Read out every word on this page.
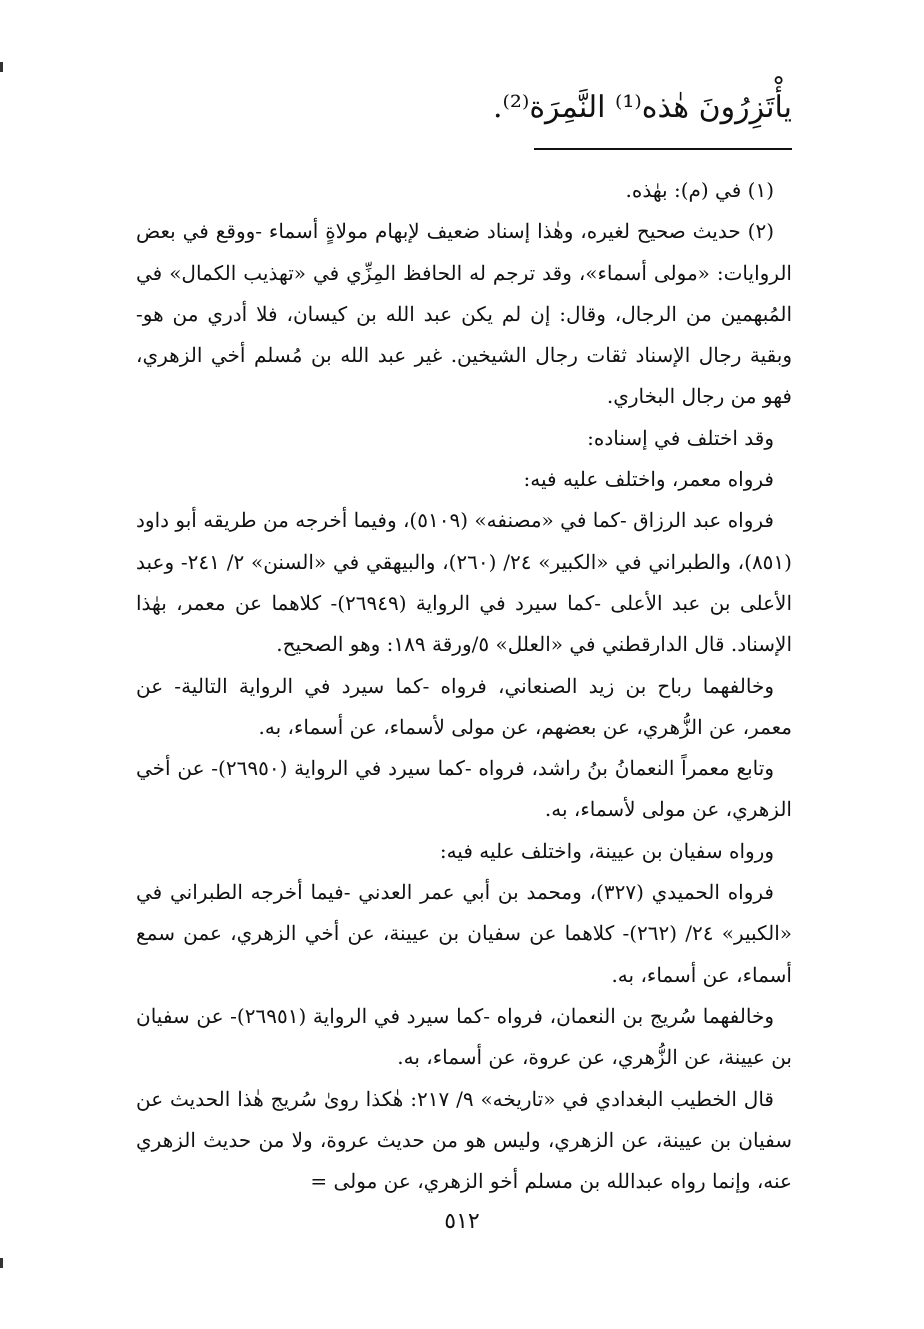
يأْتَزِرُونَ هٰذه⁽¹⁾ النَّمِرَة⁽²⁾.

(١) في (م): بهٰذه.

(٢) حديث صحيح لغيره، وهٰذا إسناد ضعيف لإبهام مولاةٍ أسماء -ووقع في بعض الروايات: «مولى أسماء»، وقد ترجم له الحافظ المِزِّي في «تهذيب الكمال» في المُبهمين من الرجال، وقال: إن لم يكن عبد الله بن كيسان، فلا أدري من هو- وبقية رجال الإسناد ثقات رجال الشيخين. غير عبد الله بن مُسلم أخي الزهري، فهو من رجال البخاري.

وقد اختلف في إسناده:

فرواه معمر، واختلف عليه فيه:

فرواه عبد الرزاق -كما في «مصنفه» (٥١٠٩)، وفيما أخرجه من طريقه أبو داود (٨٥١)، والطبراني في «الكبير» ٢٤/ (٢٦٠)، والبيهقي في «السنن» ٢/ ٢٤١- وعبد الأعلى بن عبد الأعلى -كما سيرد في الرواية (٢٦٩٤٩)- كلاهما عن معمر، بهٰذا الإسناد. قال الدارقطني في «العلل» ٥/ورقة ١٨٩: وهو الصحيح.

وخالفهما رباح بن زيد الصنعاني، فرواه -كما سيرد في الرواية التالية- عن معمر، عن الزُّهري، عن بعضهم، عن مولى لأسماء، عن أسماء، به.

وتابع معمراً النعمانُ بنُ راشد، فرواه -كما سيرد في الرواية (٢٦٩٥٠)- عن أخي الزهري، عن مولى لأسماء، به.

ورواه سفيان بن عيينة، واختلف عليه فيه:

فرواه الحميدي (٣٢٧)، ومحمد بن أبي عمر العدني -فيما أخرجه الطبراني في «الكبير» ٢٤/ (٢٦٢)- كلاهما عن سفيان بن عيينة، عن أخي الزهري، عمن سمع أسماء، عن أسماء، به.

وخالفهما سُريج بن النعمان، فرواه -كما سيرد في الرواية (٢٦٩٥١)- عن سفيان بن عيينة، عن الزُّهري، عن عروة، عن أسماء، به.

قال الخطيب البغدادي في «تاريخه» ٩/ ٢١٧: هٰكذا روىٰ سُريج هٰذا الحديث عن سفيان بن عيينة، عن الزهري، وليس هو من حديث عروة، ولا من حديث الزهري عنه، وإنما رواه عبدالله بن مسلم أخو الزهري، عن مولى =

٥١٢
